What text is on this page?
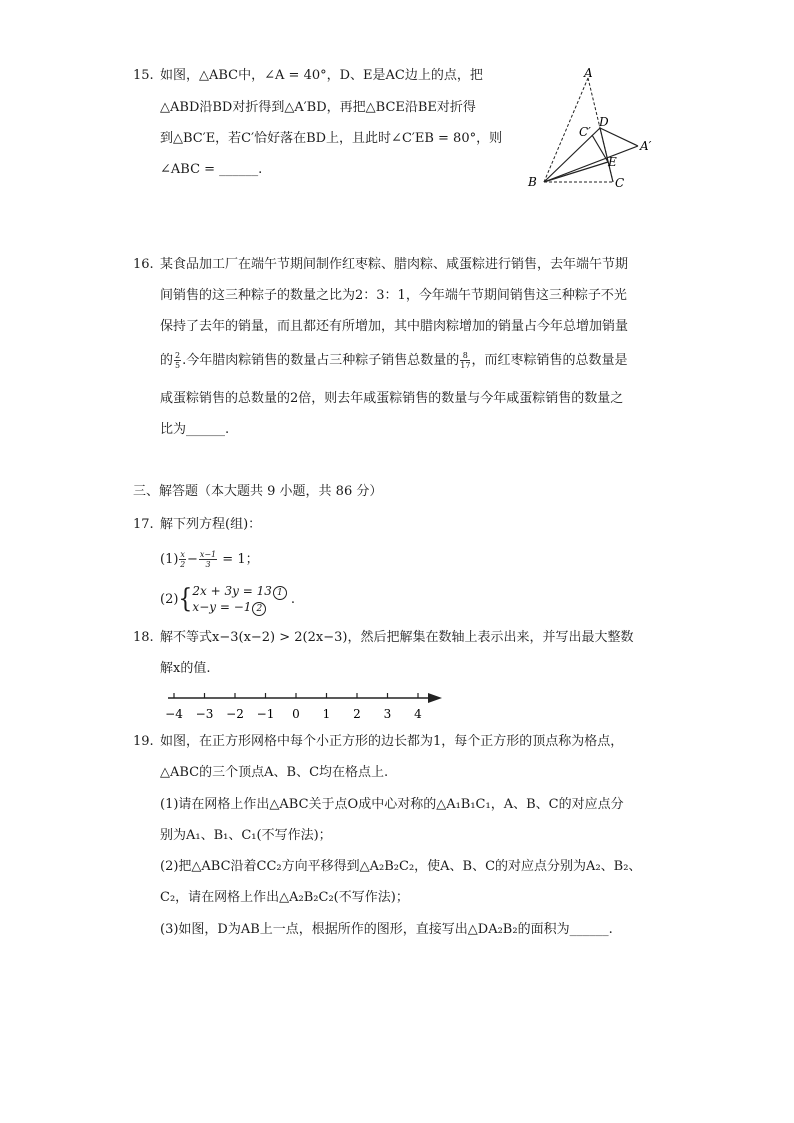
15. 如图，△ABC中，∠A = 40°，D、E是AC边上的点，把
△ABD沿BD对折得到△A′BD，再把△BCE沿BE对折得
到△BC′E，若C′恰好落在BD上，且此时∠C′EB = 80°，则
∠ABC = ______.
A
C′
D
A′
E
B	C
16. 某食品加工厂在端午节期间制作红枣粽、腊肉粽、咸蛋粽进行销售，去年端午节期
间销售的这三种粽子的数量之比为2：3：1，今年端午节期间销售这三种粽子不光
保持了去年的销量，而且都还有所增加，其中腊肉粽增加的销量占今年总增加销量
的 $\frac{2}{5}$ .今年腊肉粽销售的数量占三种粽子销售总数量的 $\frac{8}{17}$ ，而红枣粽销售的总数量是
咸蛋粽销售的总数量的2倍，则去年咸蛋粽销售的数量与今年咸蛋粽销售的数量之
比为______.
三、解答题（本大题共 9 小题，共 86 分）
17. 解下列方程(组)：
$(1) \frac{x}{2} - \frac{x-1}{3} = 1$；
(2){ 2x + 3y = 13 1
x−y = −1 2
.
18. 解不等式x−3(x−2) > 2(2x−3)，然后把解集在数轴上表示出来，并写出最大整数
解x的值.
−4 −3 −2 −1 0 1 2 3 4
19. 如图，在正方形网格中每个小正方形的边长都为1，每个正方形的顶点称为格点，
△ABC的三个顶点A、B、C均在格点上.
(1)请在网格上作出△ABC关于点O成中心对称的△A₁B₁C₁，A、B、C的对应点分
别为A₁、B₁、C₁(不写作法)；
(2)把△ABC沿着CC₂方向平移得到△A₂B₂C₂，使A、B、C的对应点分别为A₂、B₂、
C₂，请在网格上作出△A₂B₂C₂(不写作法)；
(3)如图，D为AB上一点，根据所作的图形，直接写出△DA₂B₂的面积为______.
